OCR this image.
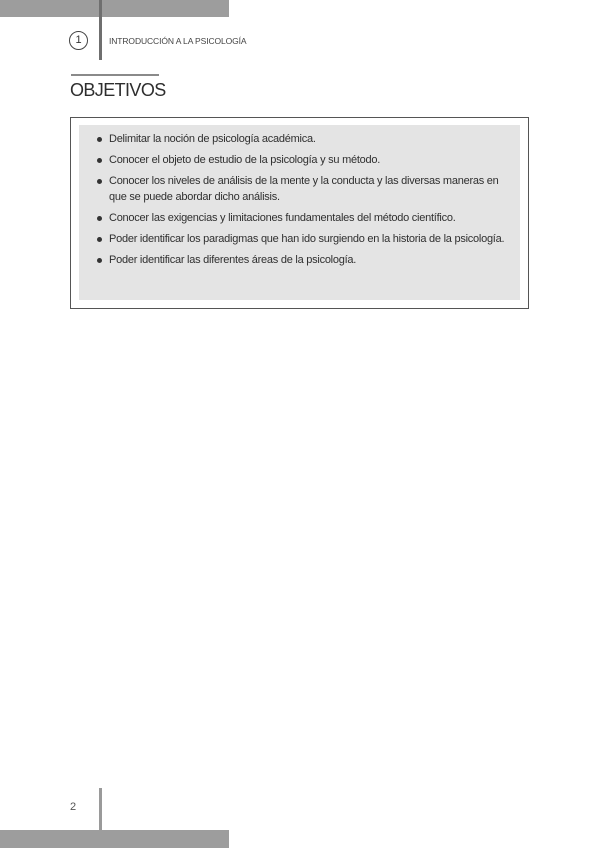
1	INTRODUCCIÓN A LA PSICOLOGÍA
OBJETIVOS
Delimitar la noción de psicología académica.
Conocer el objeto de estudio de la psicología y su método.
Conocer los niveles de análisis de la mente y la conducta y las diversas maneras en que se puede abordar dicho análisis.
Conocer las exigencias y limitaciones fundamentales del método científico.
Poder identificar los paradigmas que han ido surgiendo en la historia de la psicología.
Poder identificar las diferentes áreas de la psicología.
2
